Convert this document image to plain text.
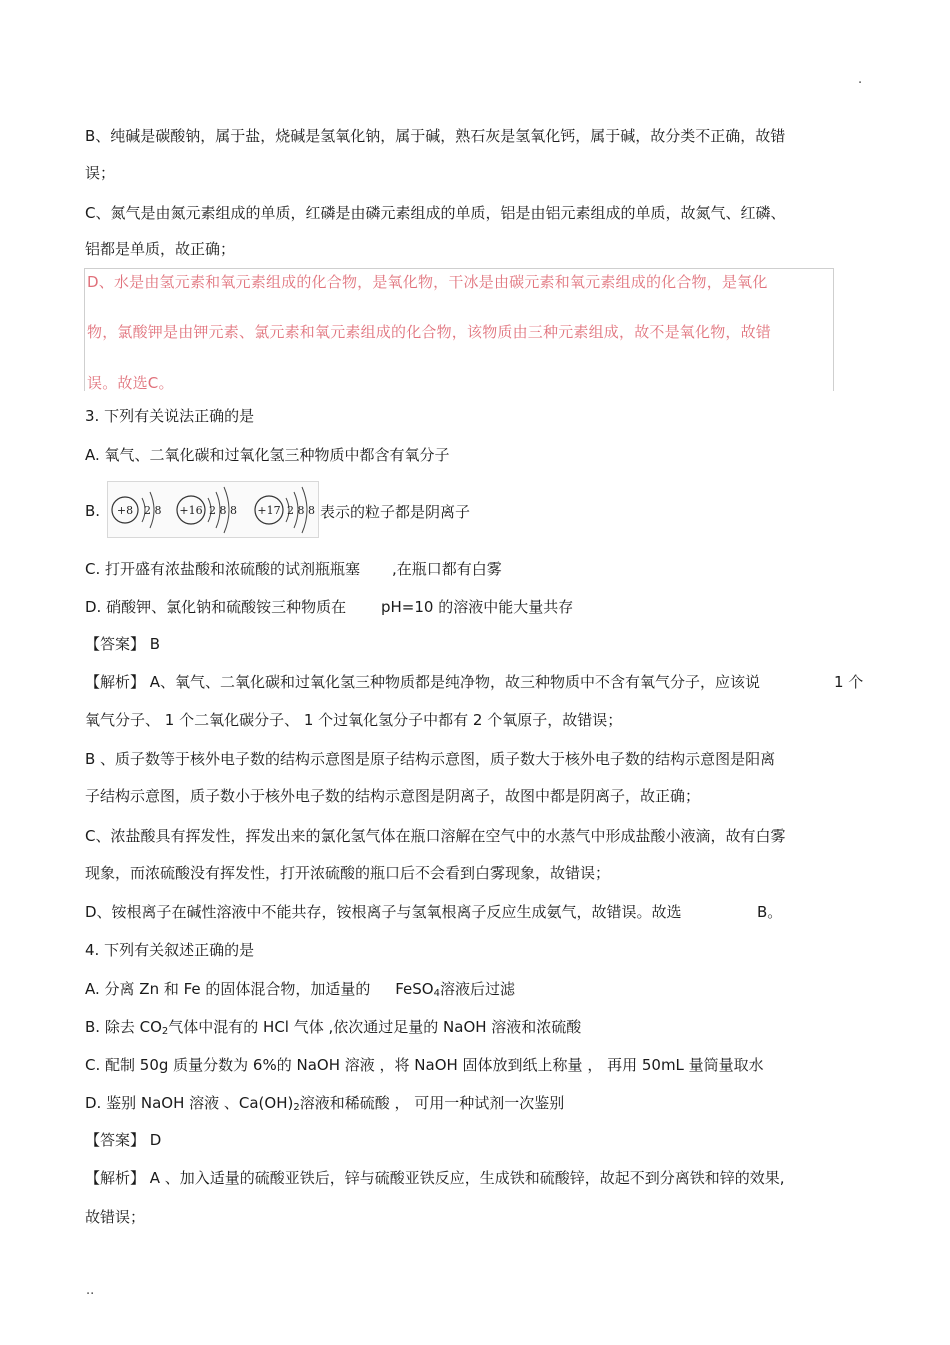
.
B、纯碱是碳酸钠，属于盐，烧碱是氢氧化钠，属于碱，熟石灰是氢氧化钙，属于碱，故分类不正确，故错
误；
C、氮气是由氮元素组成的单质，红磷是由磷元素组成的单质，铝是由铝元素组成的单质，故氮气、红磷、
铝都是单质，故正确；
D、水是由氢元素和氧元素组成的化合物，是氧化物，干冰是由碳元素和氧元素组成的化合物，是氧化
物，氯酸钾是由钾元素、氯元素和氧元素组成的化合物，该物质由三种元素组成，故不是氧化物，故错
误。故选C。
3. 下列有关说法正确的是
A. 氧气、二氧化碳和过氧化氢三种物质中都含有氧分子
B. +8 2 8 +16 2 8 8 +17 2 8 8 表示的粒子都是阴离子
C. 打开盛有浓盐酸和浓硫酸的试剂瓶瓶塞 ,在瓶口都有白雾
D. 硝酸钾、氯化钠和硫酸铵三种物质在 pH=10 的溶液中能大量共存
【答案】 B
【解析】 A、氧气、二氧化碳和过氧化氢三种物质都是纯净物，故三种物质中不含有氧气分子，应该说	1 个
氧气分子、 1 个二氧化碳分子、 1 个过氧化氢分子中都有 2 个氧原子，故错误；
B 、质子数等于核外电子数的结构示意图是原子结构示意图，质子数大于核外电子数的结构示意图是阳离
子结构示意图，质子数小于核外电子数的结构示意图是阴离子，故图中都是阴离子，故正确；
C、浓盐酸具有挥发性，挥发出来的氯化氢气体在瓶口溶解在空气中的水蒸气中形成盐酸小液滴，故有白雾
现象，而浓硫酸没有挥发性，打开浓硫酸的瓶口后不会看到白雾现象，故错误；
D、铵根离子在碱性溶液中不能共存，铵根离子与氢氧根离子反应生成氨气，故错误。故选	B。
4. 下列有关叙述正确的是
A. 分离 Zn 和 Fe 的固体混合物，加适量的 FeSO$_4$溶液后过滤
B. 除去 $CO_2$气体中混有的 HCl 气体 ,依次通过足量的 NaOH 溶液和浓硫酸
C. 配制 50g 质量分数为 6%的 NaOH 溶液 ，将 NaOH 固体放到纸上称量 ， 再用 50mL 量筒量取水
D. 鉴别 NaOH 溶液 、$Ca(OH)_2$溶液和稀硫酸 ， 可用一种试剂一次鉴别
【答案】 D
【解析】 A 、加入适量的硫酸亚铁后，锌与硫酸亚铁反应，生成铁和硫酸锌，故起不到分离铁和锌的效果,
故错误；
..
